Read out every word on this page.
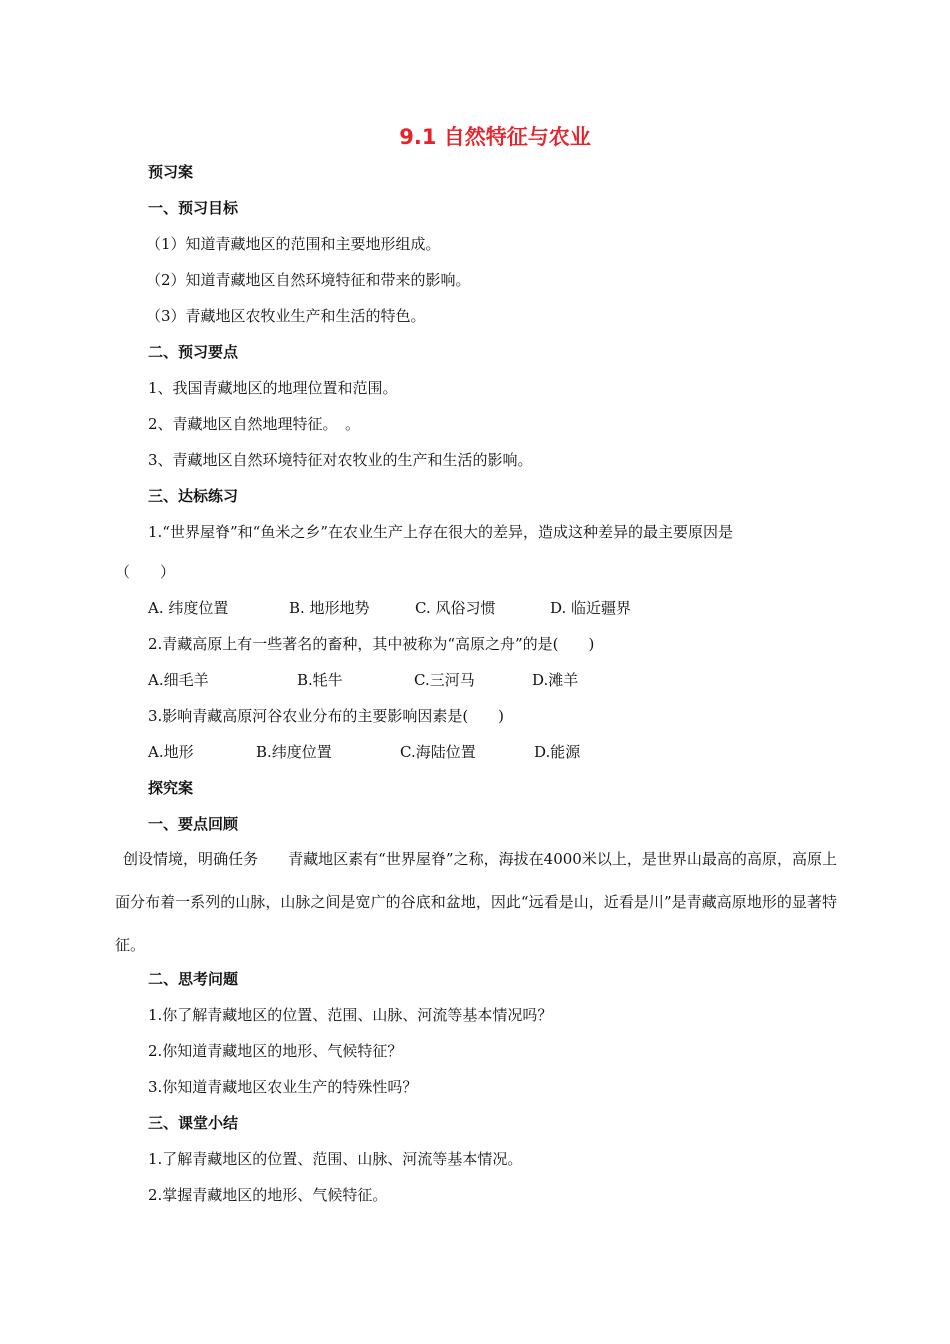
9.1 自然特征与农业
预习案
一、预习目标
（1）知道青藏地区的范围和主要地形组成。
（2）知道青藏地区自然环境特征和带来的影响。
（3）青藏地区农牧业生产和生活的特色。
二、预习要点
1、我国青藏地区的地理位置和范围。
2、青藏地区自然地理特征。　。
3、青藏地区自然环境特征对农牧业的生产和生活的影响。
三、达标练习
1.“世界屋脊”和“鱼米之乡”在农业生产上存在很大的差异，造成这种差异的最主要原因是
（　　）
A. 纬度位置	B. 地形地势	C. 风俗习惯	D. 临近疆界
2.青藏高原上有一些著名的畜种，其中被称为“高原之舟”的是(　　)
A.细毛羊	B.牦牛	C.三河马	D.滩羊
3.影响青藏高原河谷农业分布的主要影响因素是(　　)
A.地形	B.纬度位置	C.海陆位置	D.能源
探究案
一、要点回顾
创设情境，明确任务　　青藏地区素有“世界屋脊”之称，海拔在4000米以上，是世界山最高的高原，高原上面分布着一系列的山脉，山脉之间是宽广的谷底和盆地，因此“远看是山，近看是川”是青藏高原地形的显著特征。
二、思考问题
1.你了解青藏地区的位置、范围、山脉、河流等基本情况吗？
2.你知道青藏地区的地形、气候特征？
3.你知道青藏地区农业生产的特殊性吗？
三、课堂小结
1.了解青藏地区的位置、范围、山脉、河流等基本情况。
2.掌握青藏地区的地形、气候特征。
